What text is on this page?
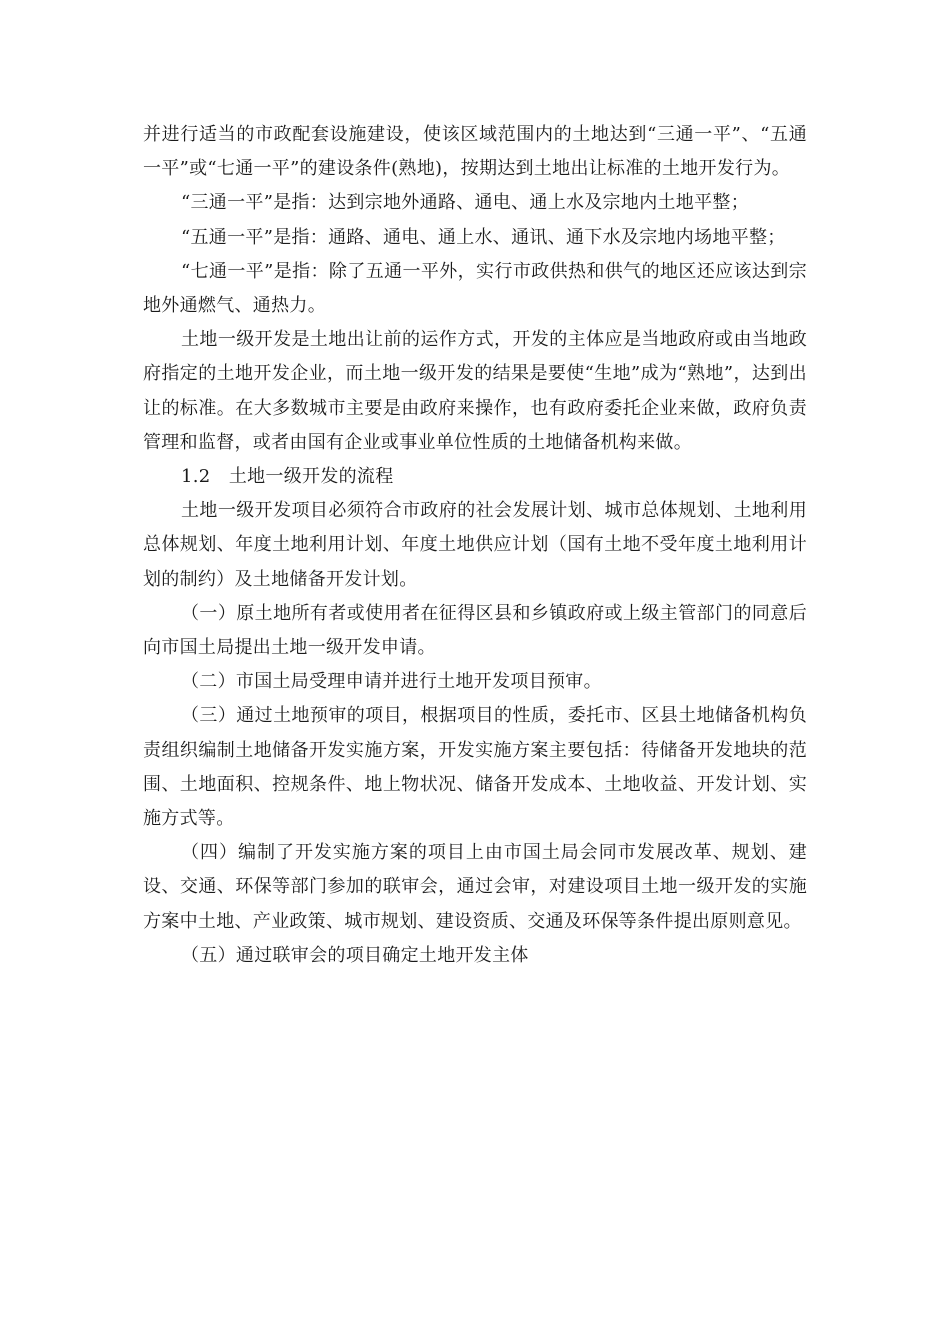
并进行适当的市政配套设施建设，使该区域范围内的土地达到“三通一平”、“五通一平”或“七通一平”的建设条件(熟地)，按期达到土地出让标准的土地开发行为。

“三通一平”是指：达到宗地外通路、通电、通上水及宗地内土地平整；

“五通一平”是指：通路、通电、通上水、通讯、通下水及宗地内场地平整；

“七通一平”是指：除了五通一平外，实行市政供热和供气的地区还应该达到宗地外通燃气、通热力。

土地一级开发是土地出让前的运作方式，开发的主体应是当地政府或由当地政府指定的土地开发企业，而土地一级开发的结果是要使“生地”成为“熟地”，达到出让的标准。在大多数城市主要是由政府来操作，也有政府委托企业来做，政府负责管理和监督，或者由国有企业或事业单位性质的土地储备机构来做。

1.2　土地一级开发的流程

土地一级开发项目必须符合市政府的社会发展计划、城市总体规划、土地利用总体规划、年度土地利用计划、年度土地供应计划（国有土地不受年度土地利用计划的制约）及土地储备开发计划。

（一）原土地所有者或使用者在征得区县和乡镇政府或上级主管部门的同意后向市国土局提出土地一级开发申请。

（二）市国土局受理申请并进行土地开发项目预审。

（三）通过土地预审的项目，根据项目的性质，委托市、区县土地储备机构负责组织编制土地储备开发实施方案，开发实施方案主要包括：待储备开发地块的范围、土地面积、控规条件、地上物状况、储备开发成本、土地收益、开发计划、实施方式等。

（四）编制了开发实施方案的项目上由市国土局会同市发展改革、规划、建设、交通、环保等部门参加的联审会，通过会审，对建设项目土地一级开发的实施方案中土地、产业政策、城市规划、建设资质、交通及环保等条件提出原则意见。

（五）通过联审会的项目确定土地开发主体
